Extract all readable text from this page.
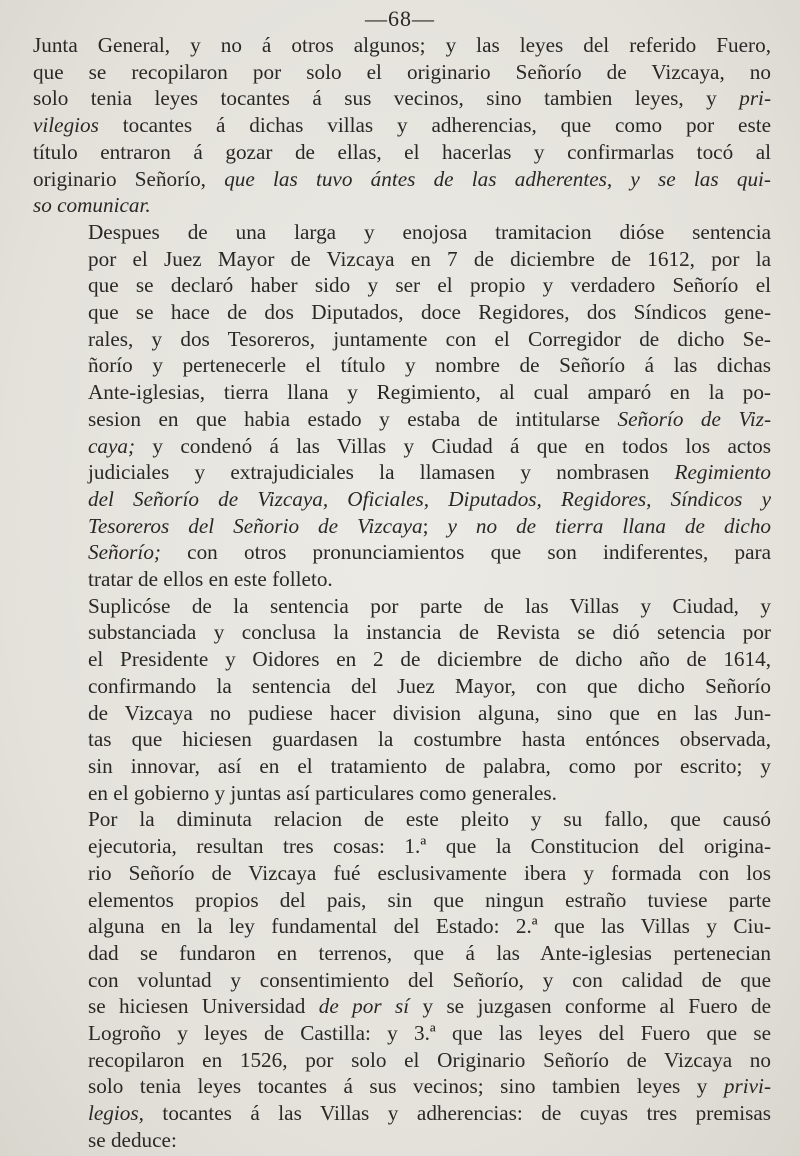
—68—

Junta General, y no á otros algunos; y las leyes del referido Fuero,
que se recopilaron por solo el originario Señorío de Vizcaya, no
solo tenia leyes tocantes á sus vecinos, sino tambien leyes, y pri-
vilegios tocantes á dichas villas y adherencias, que como por este
título entraron á gozar de ellas, el hacerlas y confirmarlas tocó al
originario Señorío, que las tuvo ántes de las adherentes, y se las qui-
so comunicar.

Despues de una larga y enojosa tramitacion dióse sentencia
por el Juez Mayor de Vizcaya en 7 de diciembre de 1612, por la
que se declaró haber sido y ser el propio y verdadero Señorío el
que se hace de dos Diputados, doce Regidores, dos Síndicos gene-
rales, y dos Tesoreros, juntamente con el Corregidor de dicho Se-
ñorío y pertenecerle el título y nombre de Señorío á las dichas
Ante-iglesias, tierra llana y Regimiento, al cual amparó en la po-
sesion en que habia estado y estaba de intitularse Señorío de Viz-
caya; y condenó á las Villas y Ciudad á que en todos los actos
judiciales y extrajudiciales la llamasen y nombrasen Regimiento
del Señorío de Vizcaya, Oficiales, Diputados, Regidores, Síndicos y
Tesoreros del Señorio de Vizcaya; y no de tierra llana de dicho
Señorío; con otros pronunciamientos que son indiferentes, para
tratar de ellos en este folleto.

Suplicóse de la sentencia por parte de las Villas y Ciudad, y
substanciada y conclusa la instancia de Revista se dió setencia por
el Presidente y Oidores en 2 de diciembre de dicho año de 1614,
confirmando la sentencia del Juez Mayor, con que dicho Señorío
de Vizcaya no pudiese hacer division alguna, sino que en las Jun-
tas que hiciesen guardasen la costumbre hasta entónces observada,
sin innovar, así en el tratamiento de palabra, como por escrito; y
en el gobierno y juntas así particulares como generales.

Por la diminuta relacion de este pleito y su fallo, que causó
ejecutoria, resultan tres cosas: 1.ª que la Constitucion del origina-
rio Señorío de Vizcaya fué esclusivamente ibera y formada con los
elementos propios del pais, sin que ningun estraño tuviese parte
alguna en la ley fundamental del Estado: 2.ª que las Villas y Ciu-
dad se fundaron en terrenos, que á las Ante-iglesias pertenecian
con voluntad y consentimiento del Señorío, y con calidad de que
se hiciesen Universidad de por sí y se juzgasen conforme al Fuero de
Logroño y leyes de Castilla: y 3.ª que las leyes del Fuero que se
recopilaron en 1526, por solo el Originario Señorío de Vizcaya no
solo tenia leyes tocantes á sus vecinos; sino tambien leyes y privi-
legios, tocantes á las Villas y adherencias: de cuyas tres premisas
se deduce:
